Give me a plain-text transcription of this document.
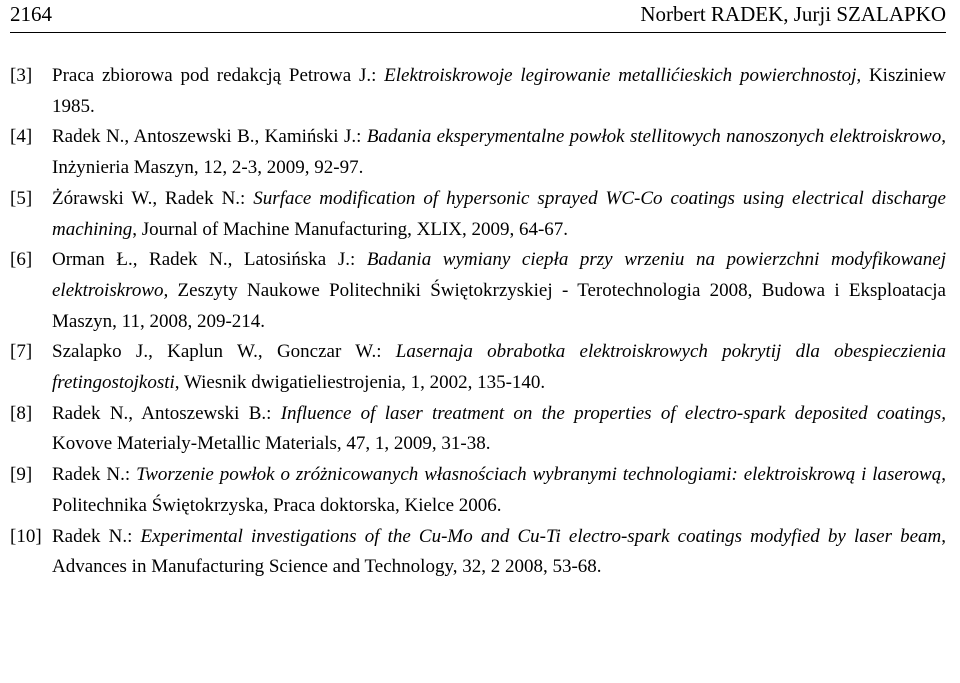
2164	Norbert RADEK, Jurji SZALAPKO
[3]	Praca zbiorowa pod redakcją Petrowa J.: Elektroiskrowoje legirowanie metallićieskich powierchnostoj, Kisziniew 1985.
[4]	Radek N., Antoszewski B., Kamiński J.: Badania eksperymentalne powłok stellitowych nanoszonych elektroiskrowo, Inżynieria Maszyn, 12, 2-3, 2009, 92-97.
[5]	Żórawski W., Radek N.: Surface modification of hypersonic sprayed WC-Co coatings using electrical discharge machining, Journal of Machine Manufacturing, XLIX, 2009, 64-67.
[6]	Orman Ł., Radek N., Latosińska J.: Badania wymiany ciepła przy wrzeniu na powierzchni modyfikowanej elektroiskrowo, Zeszyty Naukowe Politechniki Świętokrzyskiej - Terotechnologia 2008, Budowa i Eksploatacja Maszyn, 11, 2008, 209-214.
[7]	Szalapko J., Kaplun W., Gonczar W.: Lasernaja obrabotka elektroiskrowych pokrytij dla obespieczienia fretingostojkosti, Wiesnik dwigatieliestrojenia, 1, 2002, 135-140.
[8]	Radek N., Antoszewski B.: Influence of laser treatment on the properties of electro-spark deposited coatings, Kovove Materialy-Metallic Materials, 47, 1, 2009, 31-38.
[9]	Radek N.: Tworzenie powłok o zróżnicowanych własnościach wybranymi technologiami: elektroiskrową i laserową, Politechnika Świętokrzyska, Praca doktorska, Kielce 2006.
[10] Radek N.: Experimental investigations of the Cu-Mo and Cu-Ti electro-spark coatings modyfied by laser beam, Advances in Manufacturing Science and Technology, 32, 2 2008, 53-68.
